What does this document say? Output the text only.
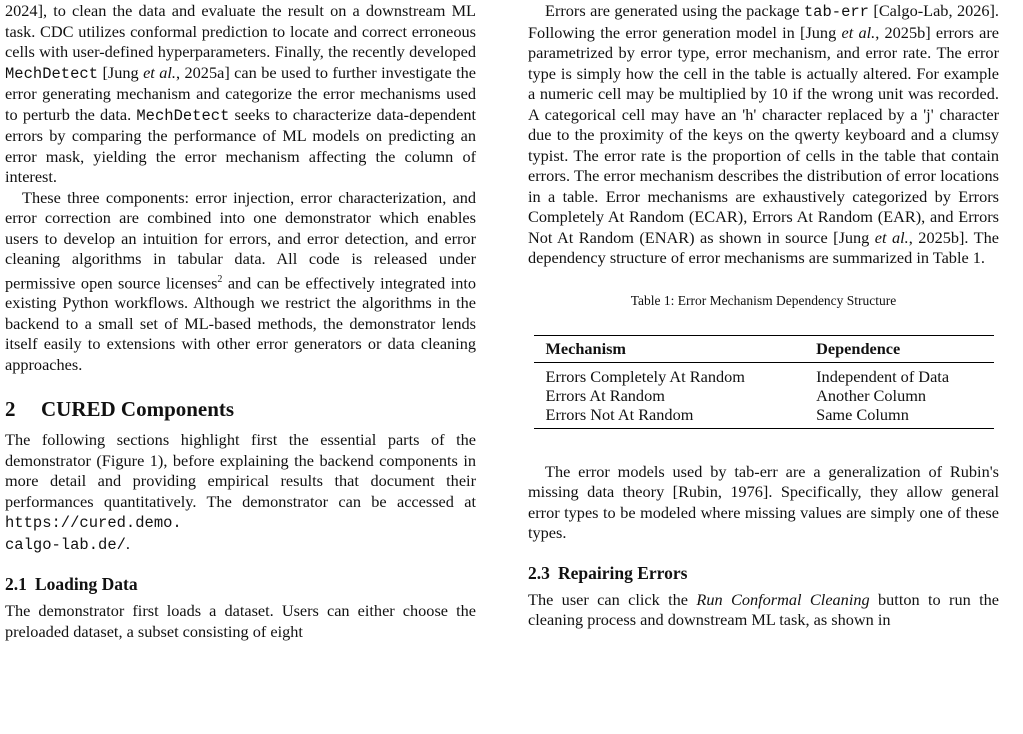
2024], to clean the data and evaluate the result on a downstream ML task. CDC utilizes conformal prediction to locate and correct erroneous cells with user-defined hyperparameters. Finally, the recently developed MechDetect [Jung et al., 2025a] can be used to further investigate the error generating mechanism and categorize the error mechanisms used to perturb the data. MechDetect seeks to characterize data-dependent errors by comparing the performance of ML models on predicting an error mask, yielding the error mechanism affecting the column of interest.

These three components: error injection, error characterization, and error correction are combined into one demonstrator which enables users to develop an intuition for errors, and error detection, and error cleaning algorithms in tabular data. All code is released under permissive open source licenses$^2$ and can be effectively integrated into existing Python workflows. Although we restrict the algorithms in the backend to a small set of ML-based methods, the demonstrator lends itself easily to extensions with other error generators or data cleaning approaches.

2 CURED Components

The following sections highlight first the essential parts of the demonstrator (Figure 1), before explaining the backend components in more detail and providing empirical results that document their performances quantitatively. The demonstrator can be accessed at https://cured.demo.
calgo-lab.de/.

2.1 Loading Data

The demonstrator first loads a dataset. Users can either choose the preloaded dataset, a subset consisting of eight

Errors are generated using the package tab-err [Calgo-Lab, 2026]. Following the error generation model in [Jung et al., 2025b] errors are parametrized by error type, error mechanism, and error rate. The error type is simply how the cell in the table is actually altered. For example a numeric cell may be multiplied by 10 if the wrong unit was recorded. A categorical cell may have an 'h' character replaced by a 'j' character due to the proximity of the keys on the qwerty keyboard and a clumsy typist. The error rate is the proportion of cells in the table that contain errors. The error mechanism describes the distribution of error locations in a table. Error mechanisms are exhaustively categorized by Errors Completely At Random (ECAR), Errors At Random (EAR), and Errors Not At Random (ENAR) as shown in source [Jung et al., 2025b]. The dependency structure of error mechanisms are summarized in Table 1.

Table 1: Error Mechanism Dependency Structure

Mechanism	Dependence
Errors Completely At Random	Independent of Data
Errors At Random	Another Column
Errors Not At Random	Same Column

The error models used by tab-err are a generalization of Rubin's missing data theory [Rubin, 1976]. Specifically, they allow general error types to be modeled where missing values are simply one of these types.

2.3 Repairing Errors

The user can click the Run Conformal Cleaning button to run the cleaning process and downstream ML task, as shown in
